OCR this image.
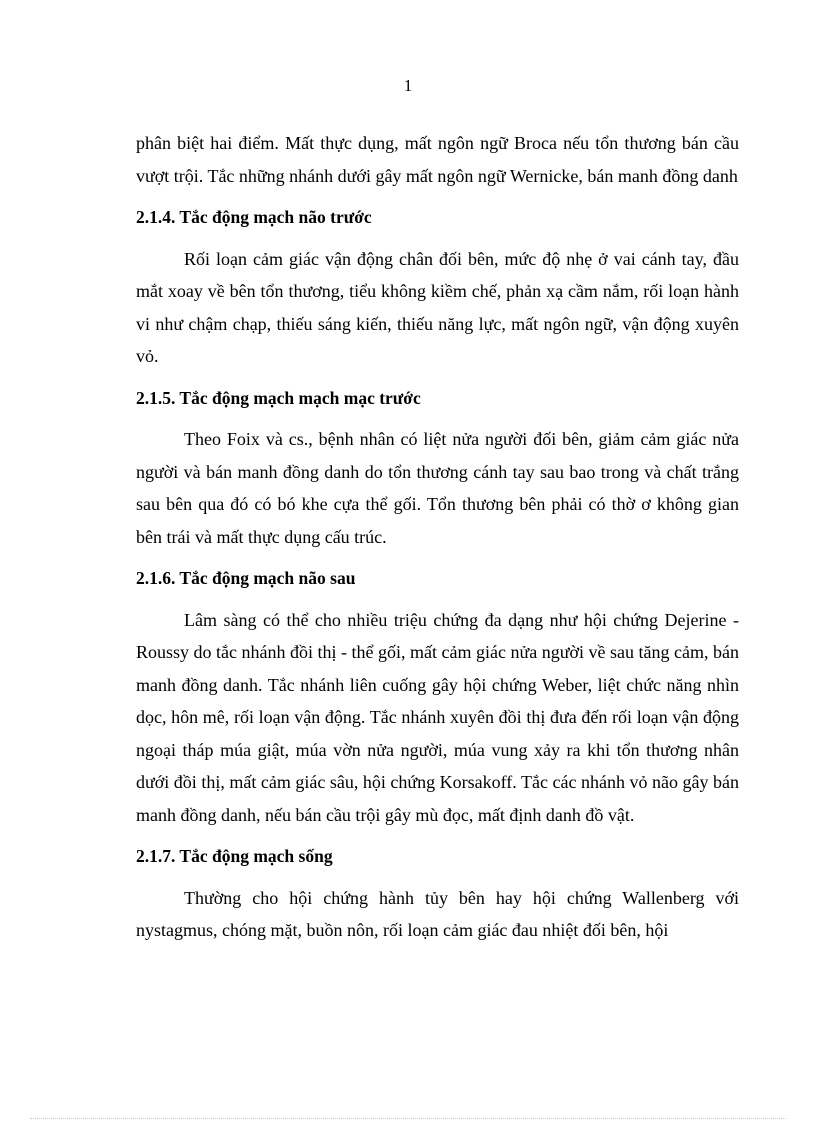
1

phân biệt hai điểm. Mất thực dụng, mất ngôn ngữ Broca nếu tổn thương bán cầu vượt trội. Tắc những nhánh dưới gây mất ngôn ngữ Wernicke, bán manh đồng danh

2.1.4. Tắc động mạch não trước

Rối loạn cảm giác vận động chân đối bên, mức độ nhẹ ở vai cánh tay, đầu mắt xoay về bên tổn thương, tiểu không kiềm chế, phản xạ cầm nắm, rối loạn hành vi như chậm chạp, thiếu sáng kiến, thiếu năng lực, mất ngôn ngữ, vận động xuyên vỏ.

2.1.5. Tắc động mạch mạch mạc trước

Theo Foix và cs., bệnh nhân có liệt nửa người đối bên, giảm cảm giác nửa người và bán manh đồng danh do tổn thương cánh tay sau bao trong và chất trắng sau bên qua đó có bó khe cựa thể gối. Tổn thương bên phải có thờ ơ không gian bên trái và mất thực dụng cấu trúc.

2.1.6. Tắc động mạch não sau

Lâm sàng có thể cho nhiều triệu chứng đa dạng như hội chứng Dejerine - Roussy do tắc nhánh đồi thị - thể gối, mất cảm giác nửa người về sau tăng cảm, bán manh đồng danh. Tắc nhánh liên cuống gây hội chứng Weber, liệt chức năng nhìn dọc, hôn mê, rối loạn vận động. Tắc nhánh xuyên đồi thị đưa đến rối loạn vận động ngoại tháp múa giật, múa vờn nửa người, múa vung xảy ra khi tổn thương nhân dưới đồi thị, mất cảm giác sâu, hội chứng Korsakoff. Tắc các nhánh vỏ não gây bán manh đồng danh, nếu bán cầu trội gây mù đọc, mất định danh đồ vật.

2.1.7. Tắc động mạch sống

Thường cho hội chứng hành tủy bên hay hội chứng Wallenberg với nystagmus, chóng mặt, buồn nôn, rối loạn cảm giác đau nhiệt đối bên, hội
